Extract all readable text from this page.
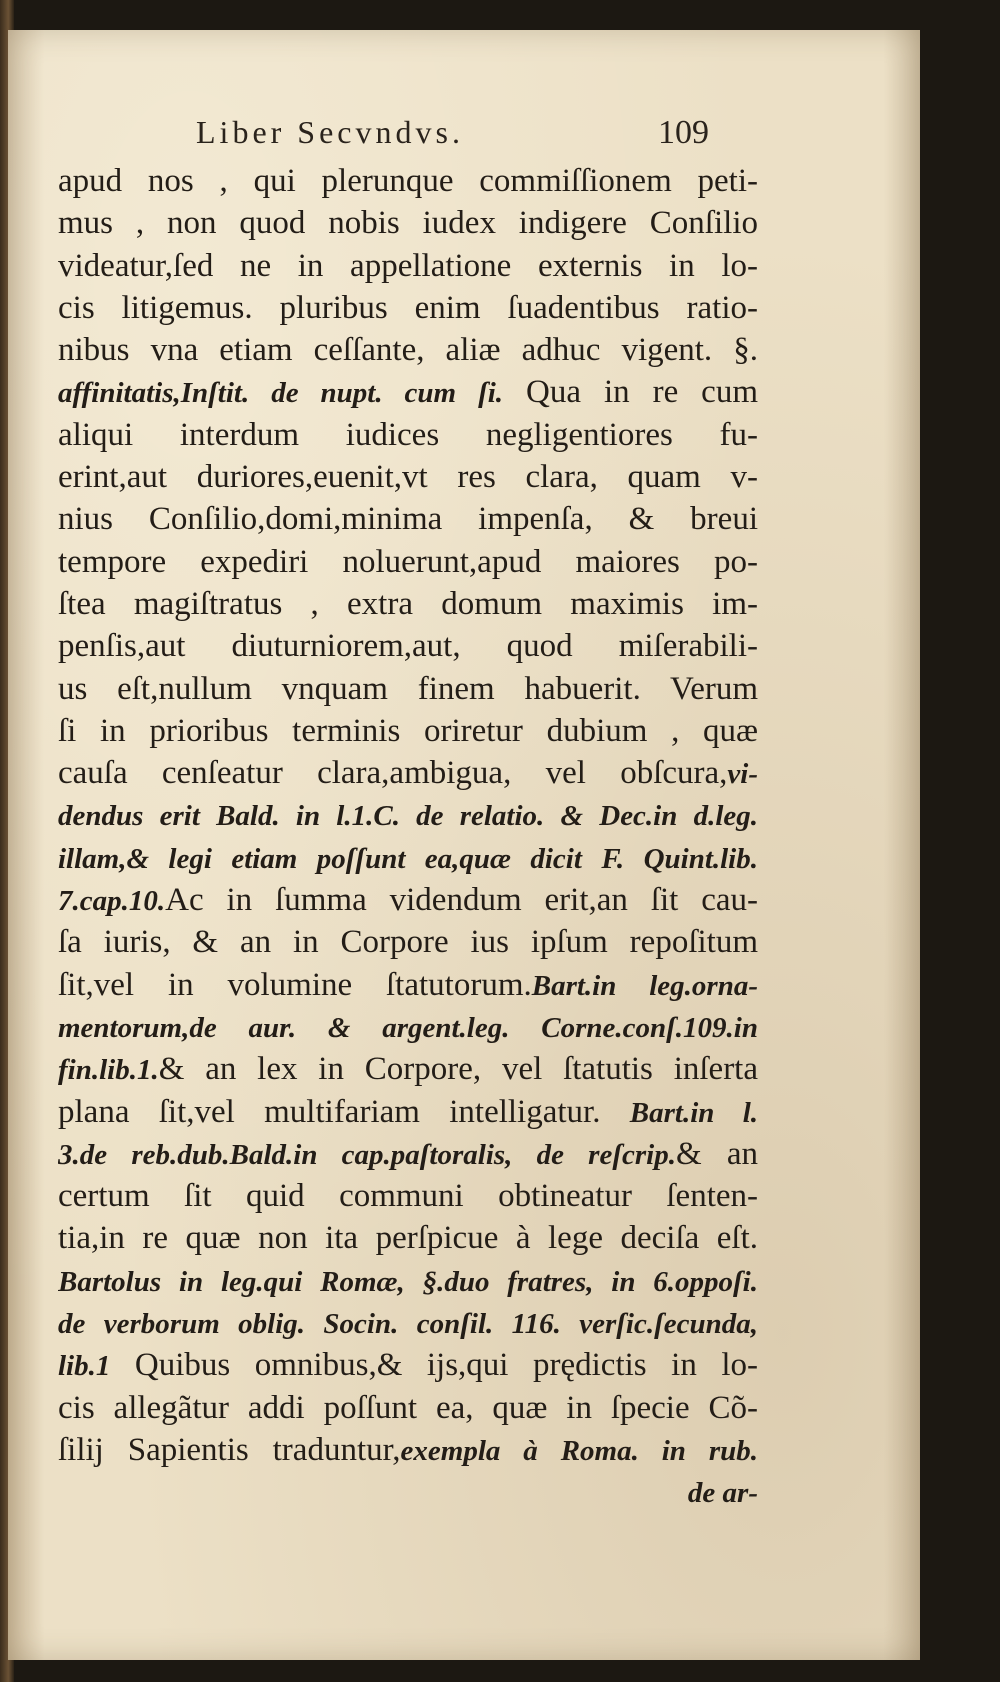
Liber Secvndvs.	109
apud nos , qui plerunque commiſſionem peti-
mus , non quod nobis iudex indigere Conſilio
videatur,ſed ne in appellatione externis in lo-
cis litigemus. pluribus enim ſuadentibus ratio-
nibus vna etiam ceſſante, aliæ adhuc vigent. §.
affinitatis,Inſtit. de nupt. cum ſi. Qua in re cum
aliqui interdum iudices negligentiores fu-
erint,aut duriores,euenit,vt res clara, quam v-
nius Conſilio,domi,minima impenſa, & breui
tempore expediri noluerunt,apud maiores po-
ſtea magiſtratus , extra domum maximis im-
penſis,aut diuturniorem,aut, quod miſerabili-
us eſt,nullum vnquam finem habuerit. Verum
ſi in prioribus terminis oriretur dubium , quæ
cauſa cenſeatur clara,ambigua, vel obſcura,vi-
dendus erit Bald. in l.1.C. de relatio. & Dec.in d.leg.
illam,& legi etiam poſſunt ea,quæ dicit F. Quint.lib.
7.cap.10.Ac in ſumma videndum erit,an ſit cau-
ſa iuris, & an in Corpore ius ipſum repoſitum
ſit,vel in volumine ſtatutorum.Bart.in leg.orna-
mentorum,de aur. & argent.leg. Corne.conſ.109.in
fin.lib.1.& an lex in Corpore, vel ſtatutis inſerta
plana ſit,vel multifariam intelligatur. Bart.in l.
3.de reb.dub.Bald.in cap.paſtoralis, de reſcrip.& an
certum ſit quid communi obtineatur ſenten-
tia,in re quæ non ita perſpicue à lege deciſa eſt.
Bartolus in leg.qui Romæ, §.duo fratres, in 6.oppoſi.
de verborum oblig. Socin. conſil. 116. verſic.ſecunda,
lib.1 Quibus omnibus,& ijs,qui prędictis in lo-
cis allegãtur addi poſſunt ea, quæ in ſpecie Cõ-
ſilij Sapientis traduntur,exempla à Roma. in rub.
de ar-
